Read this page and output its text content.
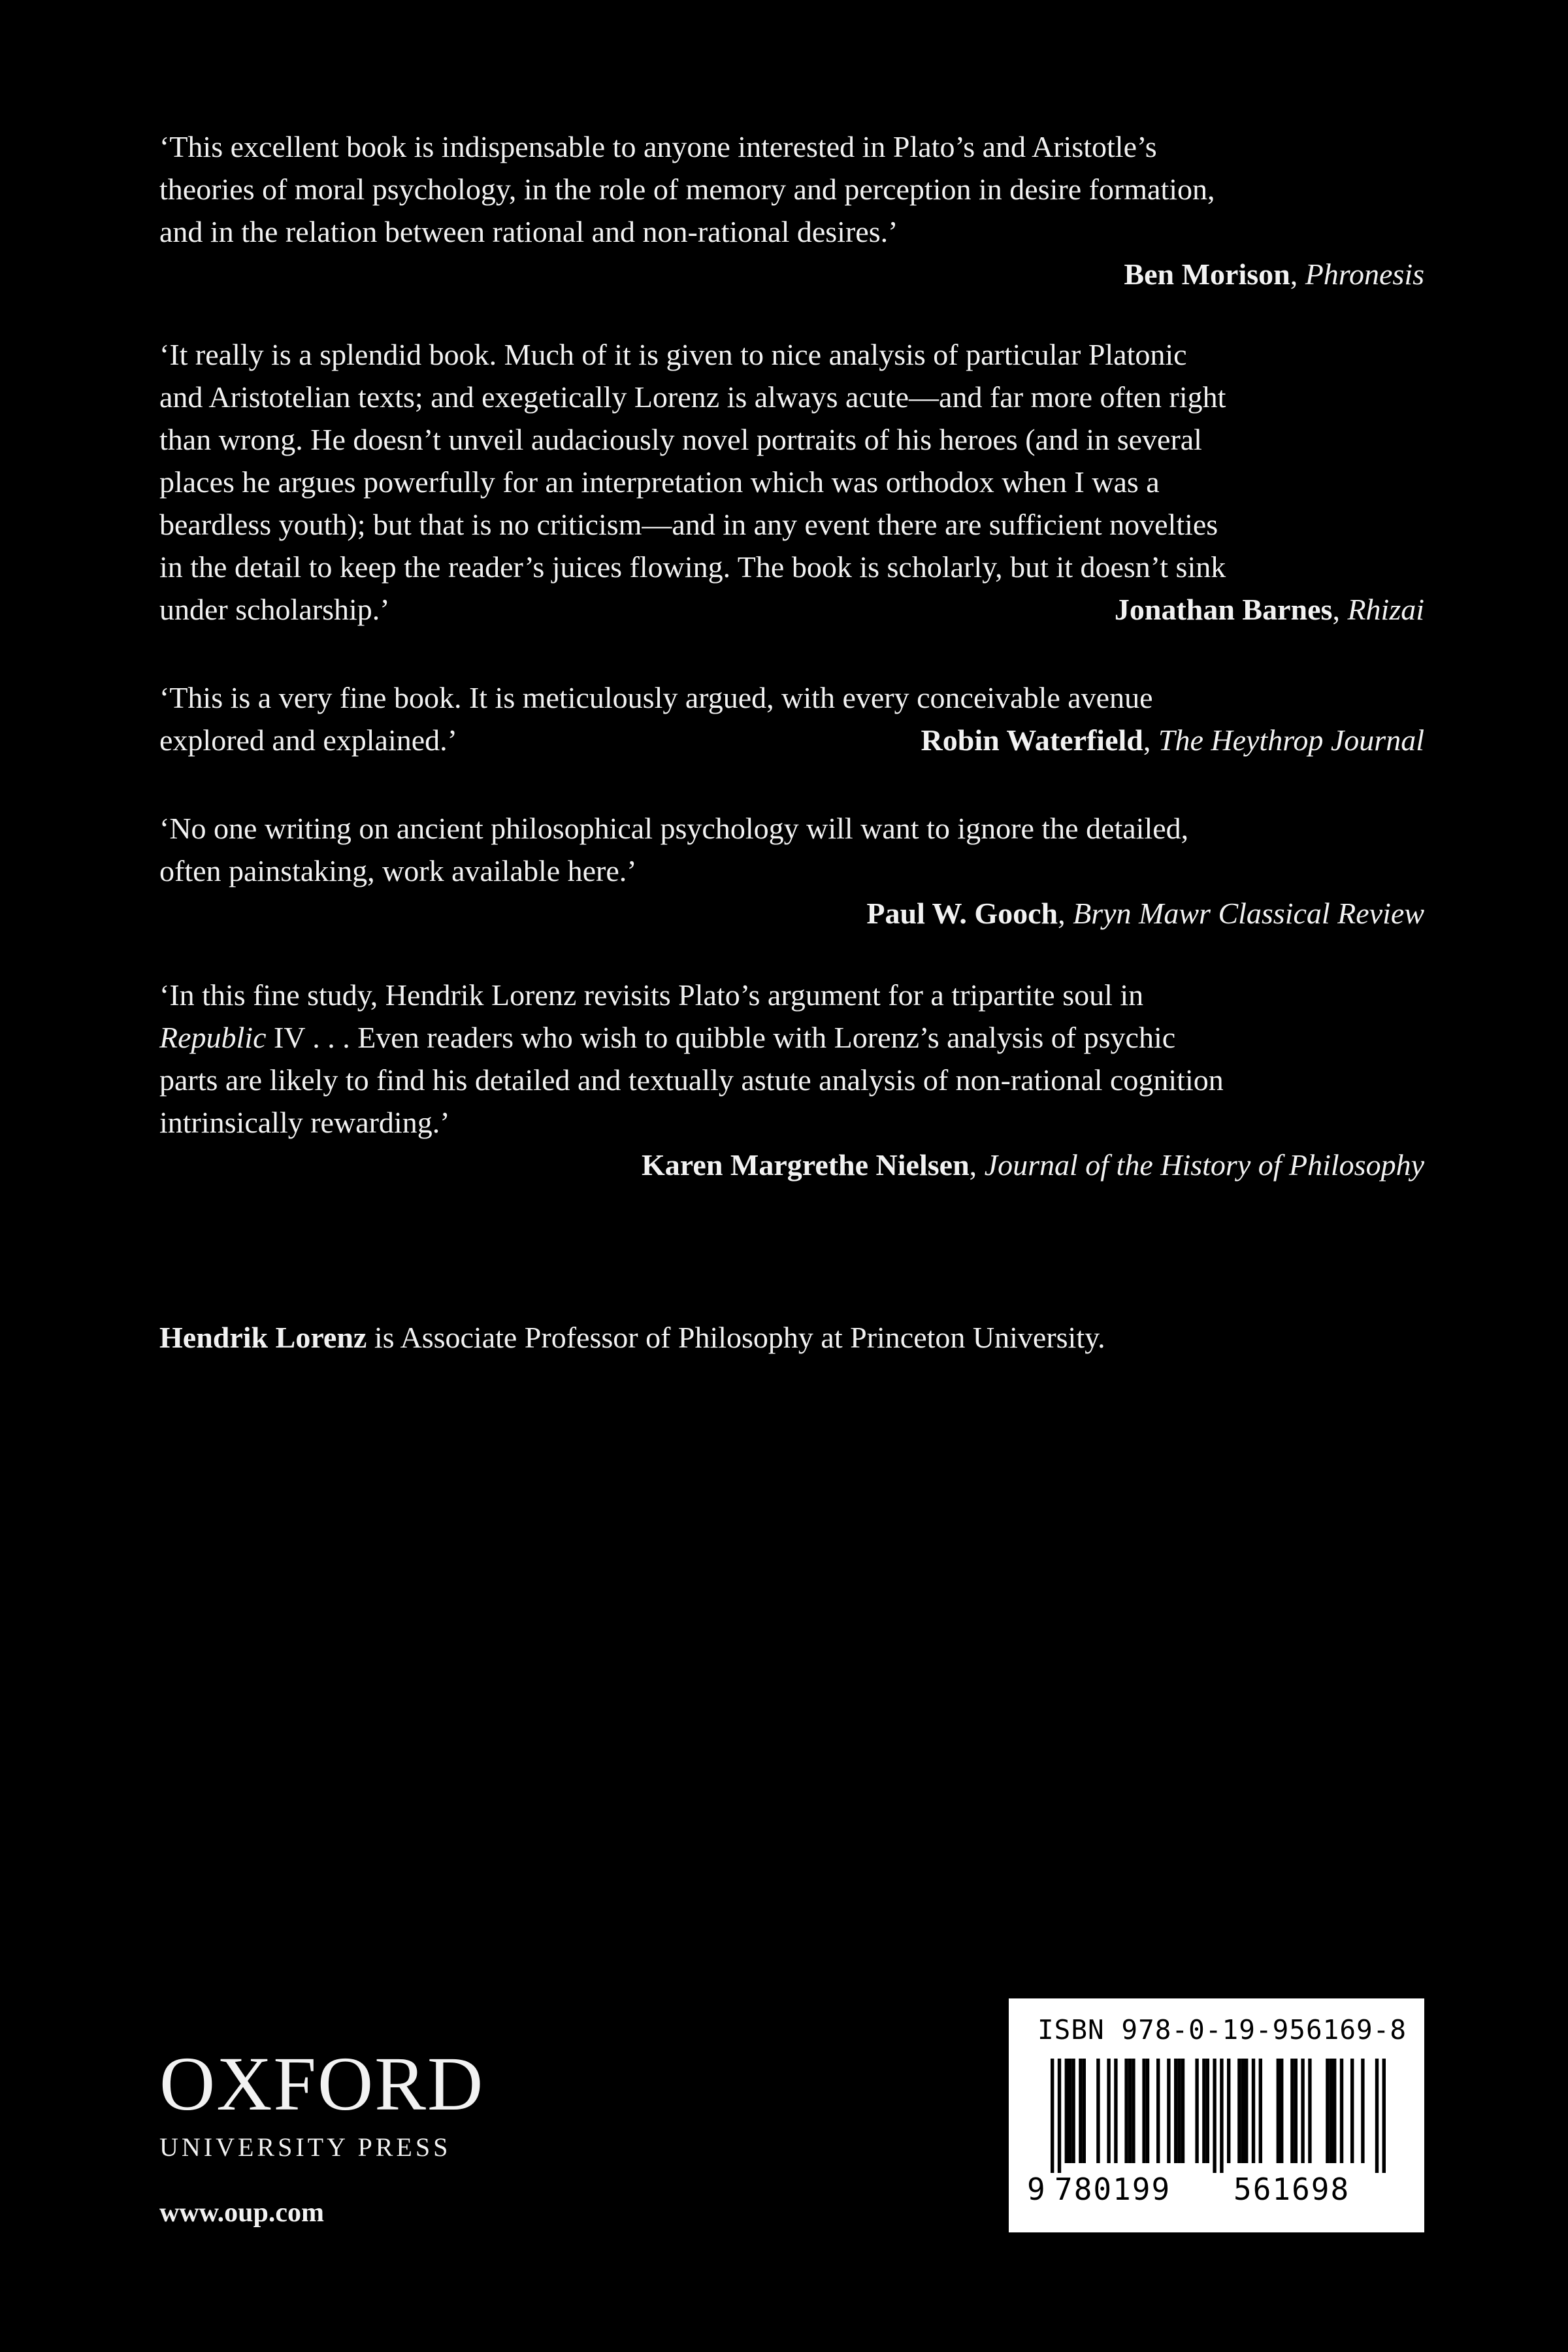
‘This excellent book is indispensable to anyone interested in Plato’s and Aristotle’s
theories of moral psychology, in the role of memory and perception in desire formation,
and in the relation between rational and non-rational desires.’
Ben Morison, Phronesis
‘It really is a splendid book. Much of it is given to nice analysis of particular Platonic
and Aristotelian texts; and exegetically Lorenz is always acute—and far more often right
than wrong. He doesn’t unveil audaciously novel portraits of his heroes (and in several
places he argues powerfully for an interpretation which was orthodox when I was a
beardless youth); but that is no criticism—and in any event there are sufficient novelties
in the detail to keep the reader’s juices flowing. The book is scholarly, but it doesn’t sink
under scholarship.’	Jonathan Barnes, Rhizai
‘This is a very fine book. It is meticulously argued, with every conceivable avenue
explored and explained.’	Robin Waterfield, The Heythrop Journal
‘No one writing on ancient philosophical psychology will want to ignore the detailed,
often painstaking, work available here.’
Paul W. Gooch, Bryn Mawr Classical Review
‘In this fine study, Hendrik Lorenz revisits Plato’s argument for a tripartite soul in
Republic IV . . . Even readers who wish to quibble with Lorenz’s analysis of psychic
parts are likely to find his detailed and textually astute analysis of non-rational cognition
intrinsically rewarding.’
Karen Margrethe Nielsen, Journal of the History of Philosophy

Hendrik Lorenz is Associate Professor of Philosophy at Princeton University.

OXFORD
UNIVERSITY PRESS
www.oup.com
ISBN 978-0-19-956169-8
9 780199 561698
